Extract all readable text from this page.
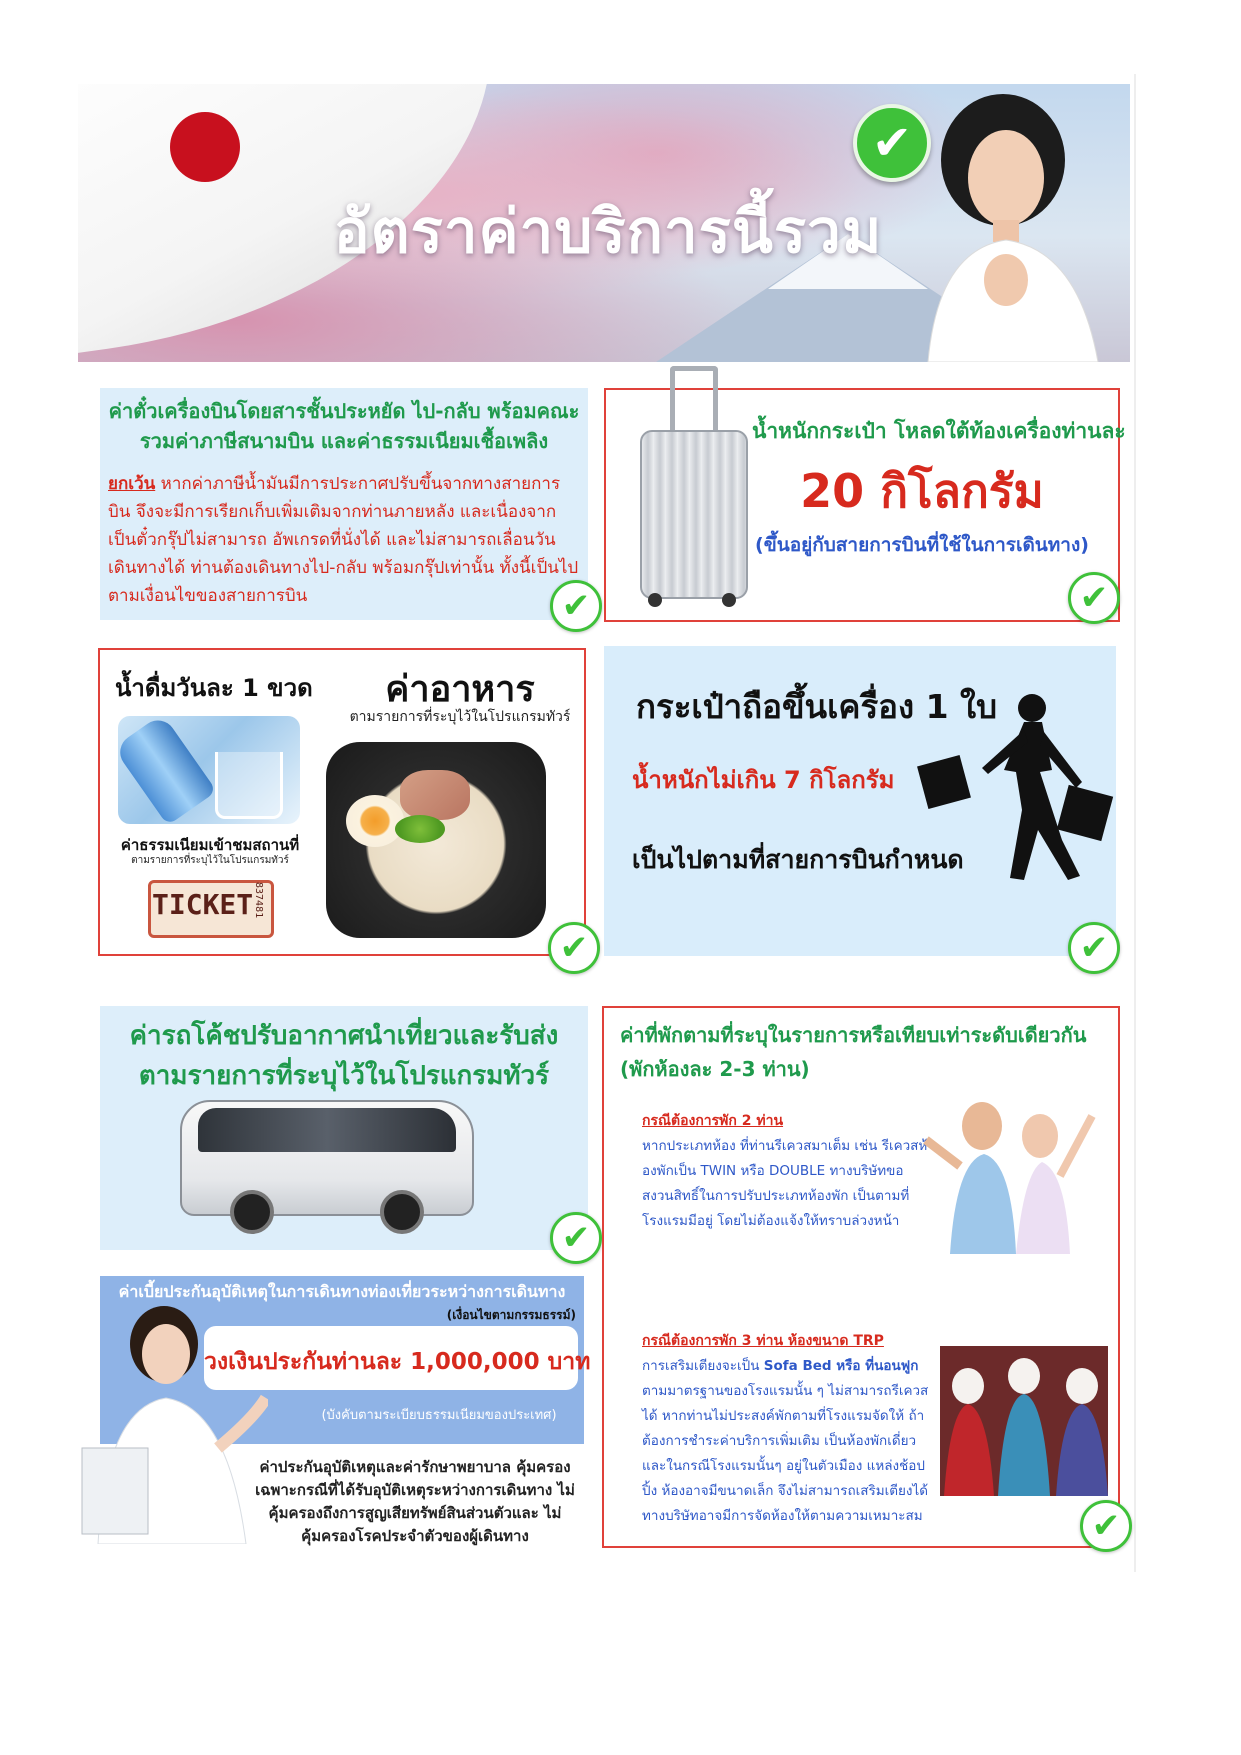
✔
อัตราค่าบริการนี้รวม
ค่าตั๋วเครื่องบินโดยสารชั้นประหยัด ไป-กลับ พร้อมคณะ
รวมค่าภาษีสนามบิน และค่าธรรมเนียมเชื้อเพลิง
ยกเว้น หากค่าภาษีน้ำมันมีการประกาศปรับขึ้นจากทางสายการบิน จึงจะมีการเรียกเก็บเพิ่มเติมจากท่านภายหลัง และเนื่องจากเป็นตั๋วกรุ๊ปไม่สามารถ อัพเกรดที่นั่งได้ และไม่สามารถเลื่อนวันเดินทางได้ ท่านต้องเดินทางไป-กลับ พร้อมกรุ๊ปเท่านั้น ทั้งนี้เป็นไปตามเงื่อนไขของสายการบิน	✔
น้ำหนักกระเป๋า โหลดใต้ท้องเครื่องท่านละ
20 กิโลกรัม
(ขึ้นอยู่กับสายการบินที่ใช้ในการเดินทาง)
✔
น้ำดื่มวันละ 1 ขวด	ค่าอาหาร
ตามรายการที่ระบุไว้ในโปรแกรมทัวร์
ค่าธรรมเนียมเข้าชมสถานที่
ตามรายการที่ระบุไว้ในโปรแกรมทัวร์
TICKET 837481
✔
กระเป๋าถือขึ้นเครื่อง 1 ใบ
น้ำหนักไม่เกิน 7 กิโลกรัม
เป็นไปตามที่สายการบินกำหนด
✔
ค่ารถโค้ชปรับอากาศนำเที่ยวและรับส่ง
ตามรายการที่ระบุไว้ในโปรแกรมทัวร์
✔
ค่าเบี้ยประกันอุบัติเหตุในการเดินทางท่องเที่ยวระหว่างการเดินทาง
(เงื่อนไขตามกรรมธรรม์)
วงเงินประกันท่านละ 1,000,000 บาท
(บังคับตามระเบียบธรรมเนียมของประเทศ)
ค่าประกันอุบัติเหตุและค่ารักษาพยาบาล คุ้มครอง เฉพาะกรณีที่ได้รับอุบัติเหตุระหว่างการเดินทาง ไม่คุ้มครองถึงการสูญเสียทรัพย์สินส่วนตัวและ ไม่คุ้มครองโรคประจำตัวของผู้เดินทาง
ค่าที่พักตามที่ระบุในรายการหรือเทียบเท่าระดับเดียวกัน (พักห้องละ 2-3 ท่าน)
กรณีต้องการพัก 2 ท่าน
หากประเภทห้อง ที่ท่านรีเควสมาเต็ม เช่น รีเควสห้องพักเป็น TWIN หรือ DOUBLE ทางบริษัทขอสงวนสิทธิ์ในการปรับประเภทห้องพัก เป็นตามที่โรงแรมมีอยู่ โดยไม่ต้องแจ้งให้ทราบล่วงหน้า
กรณีต้องการพัก 3 ท่าน ห้องขนาด TRP
การเสริมเตียงจะเป็น Sofa Bed หรือ ที่นอนฟูก ตามมาตรฐานของโรงแรมนั้น ๆ ไม่สามารถรีเควสได้ หากท่านไม่ประสงค์พักตามที่โรงแรมจัดให้ ถ้าต้องการชำระค่าบริการเพิ่มเติม เป็นห้องพักเดี่ยว และในกรณีโรงแรมนั้นๆ อยู่ในตัวเมือง แหล่งช้อปปิ้ง ห้องอาจมีขนาดเล็ก จึงไม่สามารถเสริมเตียงได้ ทางบริษัทอาจมีการจัดห้องให้ตามความเหมาะสม	✔
